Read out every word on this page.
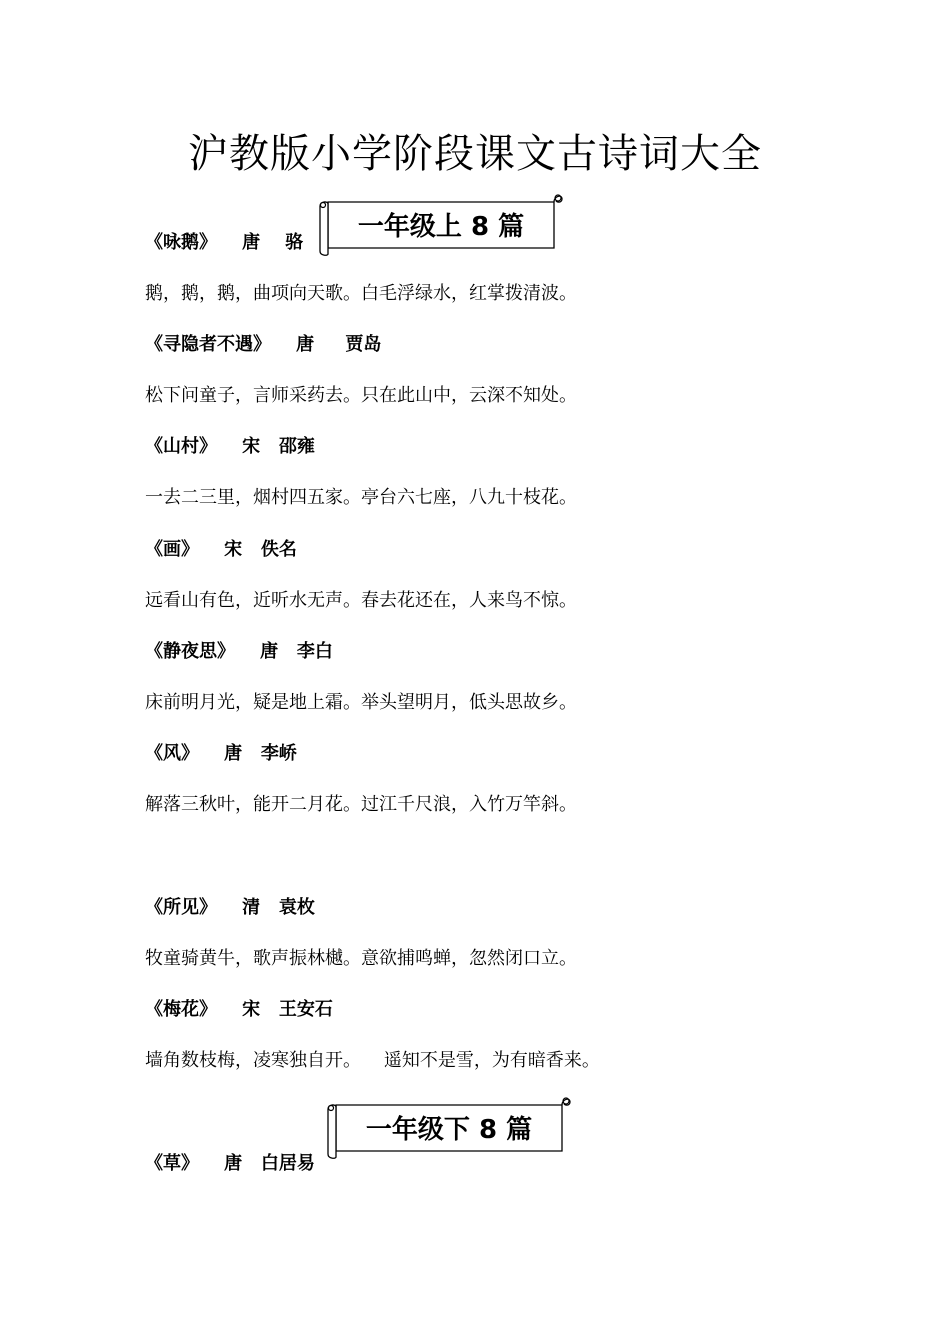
沪教版小学阶段课文古诗词大全
《咏鹅》    唐    骆
鹅，鹅，鹅，曲项向天歌。白毛浮绿水，红掌拨清波。
一年级上 8 篇
《寻隐者不遇》    唐     贾岛
松下问童子，言师采药去。只在此山中，云深不知处。
《山村》    宋   邵雍
一去二三里，烟村四五家。亭台六七座，八九十枝花。
《画》    宋   佚名
远看山有色，近听水无声。春去花还在，人来鸟不惊。
《静夜思》    唐   李白
床前明月光，疑是地上霜。举头望明月，低头思故乡。
《风》    唐   李峤
解落三秋叶，能开二月花。过江千尺浪，入竹万竿斜。
《所见》    清   袁枚
牧童骑黄牛，歌声振林樾。意欲捕鸣蝉，忽然闭口立。
《梅花》    宋   王安石
墙角数枝梅，凌寒独自开。    遥知不是雪，为有暗香来。
《草》    唐   白居易
一年级下 8 篇
